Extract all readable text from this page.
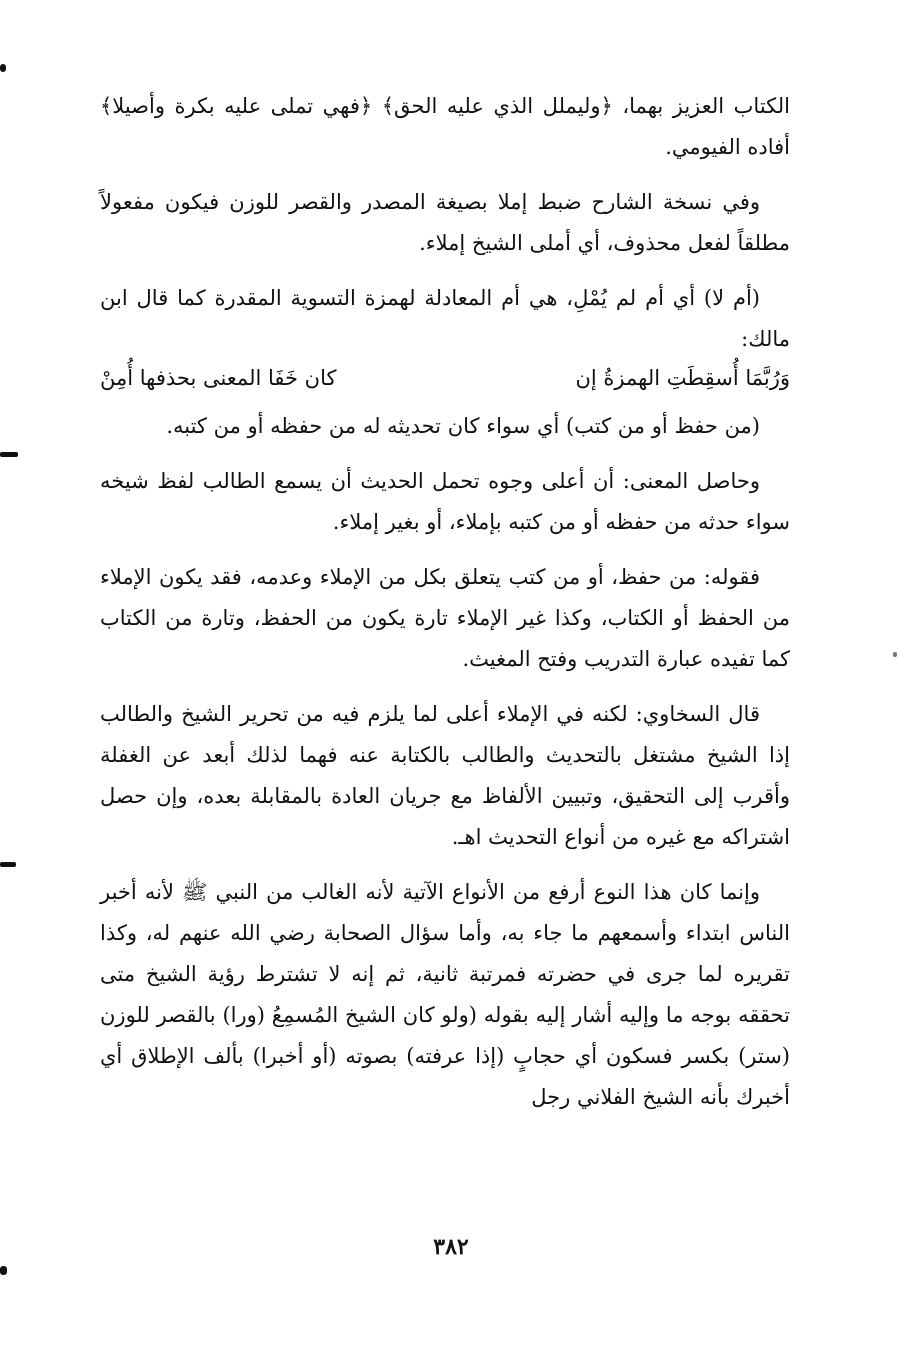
الكتاب العزيز بهما، ﴿وليملل الذي عليه الحق﴾ ﴿فهي تملى عليه بكرة وأصيلا﴾ أفاده الفيومي.

وفي نسخة الشارح ضبط إملا بصيغة المصدر والقصر للوزن فيكون مفعولاً مطلقاً لفعل محذوف، أي أملى الشيخ إملاء.

(أم لا) أي أم لم يُمْلِ، هي أم المعادلة لهمزة التسوية المقدرة كما قال ابن مالك:

وَرُبَّمَا أُسقِطَتِ الهمزةُ إن
كان خَفَا المعنى بحذفها أُمِنْ

(من حفظ أو من كتب) أي سواء كان تحديثه له من حفظه أو من كتبه.

وحاصل المعنى: أن أعلى وجوه تحمل الحديث أن يسمع الطالب لفظ شيخه سواء حدثه من حفظه أو من كتبه بإملاء، أو بغير إملاء.

فقوله: من حفظ، أو من كتب يتعلق بكل من الإملاء وعدمه، فقد يكون الإملاء من الحفظ أو الكتاب، وكذا غير الإملاء تارة يكون من الحفظ، وتارة من الكتاب كما تفيده عبارة التدريب وفتح المغيث.

قال السخاوي: لكنه في الإملاء أعلى لما يلزم فيه من تحرير الشيخ والطالب إذا الشيخ مشتغل بالتحديث والطالب بالكتابة عنه فهما لذلك أبعد عن الغفلة وأقرب إلى التحقيق، وتبيين الألفاظ مع جريان العادة بالمقابلة بعده، وإن حصل اشتراكه مع غيره من أنواع التحديث اهـ.

وإنما كان هذا النوع أرفع من الأنواع الآتية لأنه الغالب من النبي ﷺ لأنه أخبر الناس ابتداء وأسمعهم ما جاء به، وأما سؤال الصحابة رضي الله عنهم له، وكذا تقريره لما جرى في حضرته فمرتبة ثانية، ثم إنه لا تشترط رؤية الشيخ متى تحققه بوجه ما وإليه أشار إليه بقوله (ولو كان الشيخ المُسمِعُ (ورا) بالقصر للوزن (ستر) بكسر فسكون أي حجابٍ (إذا عرفته) بصوته (أو أخبرا) بألف الإطلاق أي أخبرك بأنه الشيخ الفلاني رجل

٣٨٢
